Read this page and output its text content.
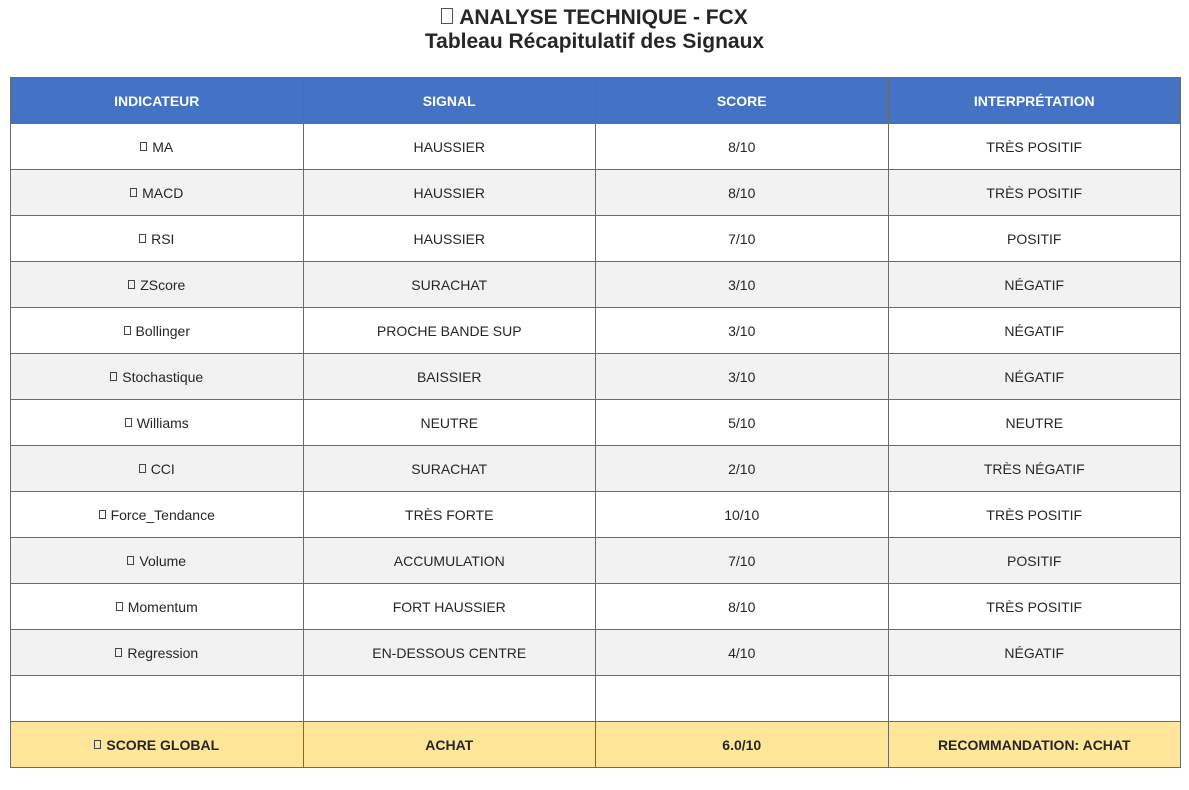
ANALYSE TECHNIQUE - FCX
Tableau Récapitulatif des Signaux
INDICATEUR	SIGNAL	SCORE	INTERPRÉTATION
MA	HAUSSIER	8/10	TRÈS POSITIF
MACD	HAUSSIER	8/10	TRÈS POSITIF
RSI	HAUSSIER	7/10	POSITIF
ZScore	SURACHAT	3/10	NÉGATIF
Bollinger	PROCHE BANDE SUP	3/10	NÉGATIF
Stochastique	BAISSIER	3/10	NÉGATIF
Williams	NEUTRE	5/10	NEUTRE
CCI	SURACHAT	2/10	TRÈS NÉGATIF
Force_Tendance	TRÈS FORTE	10/10	TRÈS POSITIF
Volume	ACCUMULATION	7/10	POSITIF
Momentum	FORT HAUSSIER	8/10	TRÈS POSITIF
Regression	EN-DESSOUS CENTRE	4/10	NÉGATIF

SCORE GLOBAL	ACHAT	6.0/10	RECOMMANDATION: ACHAT
